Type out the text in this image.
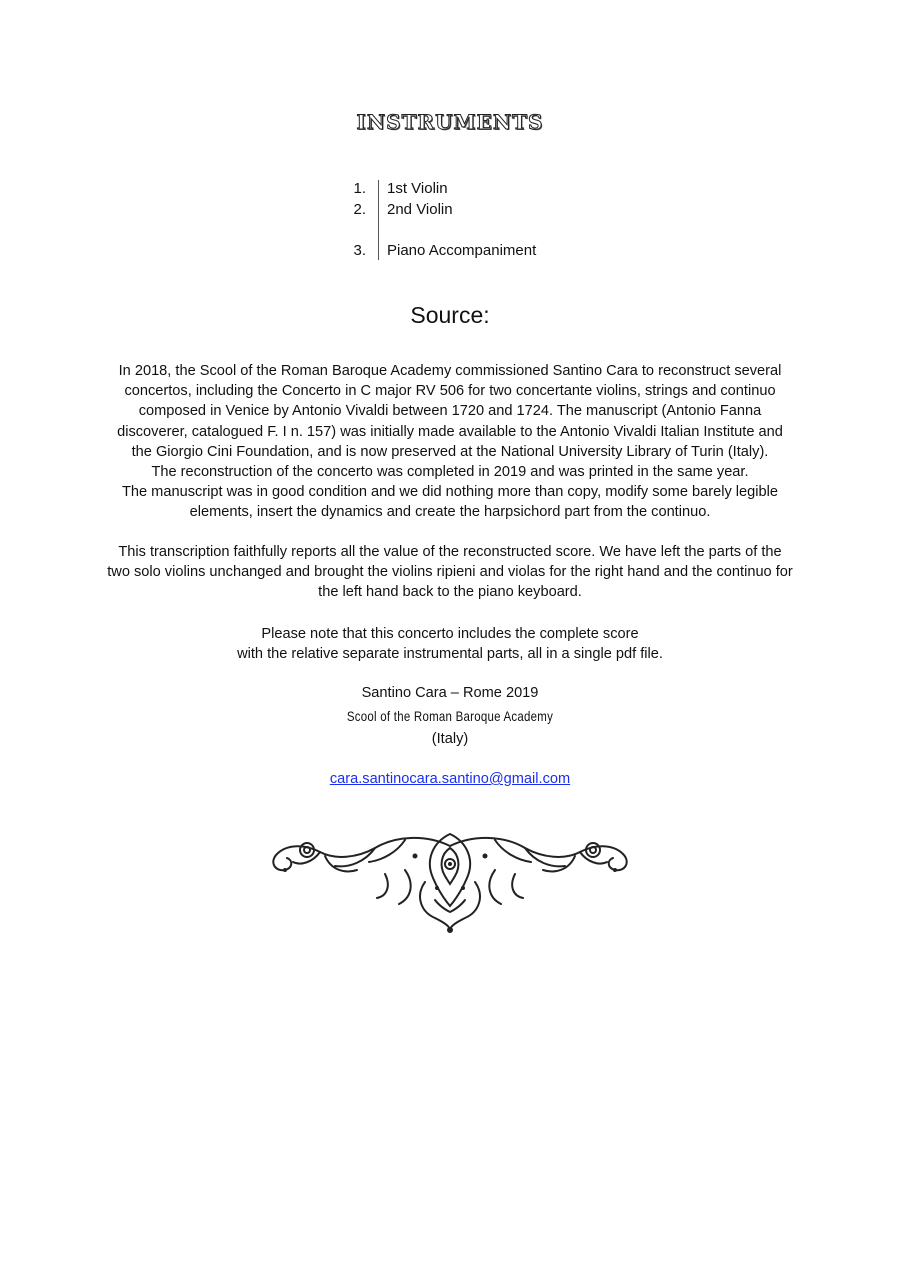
INSTRUMENTS
1. 1st Violin
2. 2nd Violin
3. Piano Accompaniment
Source:
In 2018, the Scool of the Roman Baroque Academy commissioned Santino Cara to reconstruct several
concertos, including the Concerto in C major RV 506 for two concertante violins, strings and continuo
composed in Venice by Antonio Vivaldi between 1720 and 1724. The manuscript (Antonio Fanna
discoverer, catalogued F. I n. 157) was initially made available to the Antonio Vivaldi Italian Institute and
the Giorgio Cini Foundation, and is now preserved at the National University Library of Turin (Italy).
The reconstruction of the concerto was completed in 2019 and was printed in the same year.
The manuscript was in good condition and we did nothing more than copy, modify some barely legible
elements, insert the dynamics and create the harpsichord part from the continuo.
This transcription faithfully reports all the value of the reconstructed score. We have left the parts of the
two solo violins unchanged and brought the violins ripieni and violas for the right hand and the continuo for
the left hand back to the piano keyboard.
Please note that this concerto includes the complete score
with the relative separate instrumental parts, all in a single pdf file.
Santino Cara – Rome 2019
Scool of the Roman Baroque Academy
(Italy)
cara.santinocara.santino@gmail.com
